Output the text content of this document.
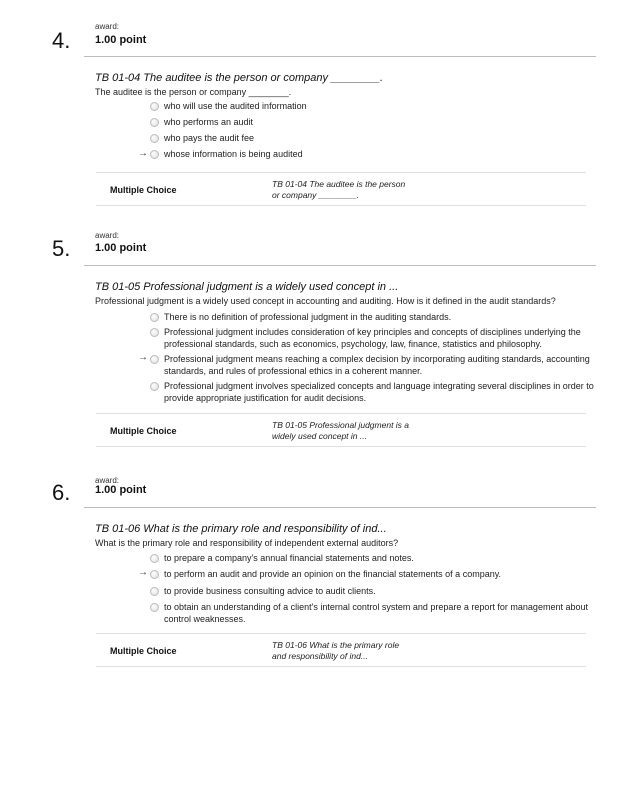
4.
award:
1.00 point
TB 01-04 The auditee is the person or company ________.
The auditee is the person or company ________.
who will use the audited information
who performs an audit
who pays the audit fee
→ whose information is being audited
Multiple Choice
TB 01-04 The auditee is the person
or company ________.
5.
award:
1.00 point
TB 01-05 Professional judgment is a widely used concept in ...
Professional judgment is a widely used concept in accounting and auditing. How is it defined in the audit standards?
There is no definition of professional judgment in the auditing standards.
Professional judgment includes consideration of key principles and concepts of disciplines underlying the professional standards, such as economics, psychology, law, finance, statistics and philosophy.
→ Professional judgment means reaching a complex decision by incorporating auditing standards, accounting standards, and rules of professional ethics in a coherent manner.
Professional judgment involves specialized concepts and language integrating several disciplines in order to provide appropriate justification for audit decisions.
Multiple Choice
TB 01-05 Professional judgment is a
widely used concept in ...
6.	award:
1.00 point
TB 01-06 What is the primary role and responsibility of ind...
What is the primary role and responsibility of independent external auditors?
to prepare a company's annual financial statements and notes.
→ to perform an audit and provide an opinion on the financial statements of a company.
to provide business consulting advice to audit clients.
to obtain an understanding of a client's internal control system and prepare a report for management about control weaknesses.
Multiple Choice
TB 01-06 What is the primary role
and responsibility of ind...
